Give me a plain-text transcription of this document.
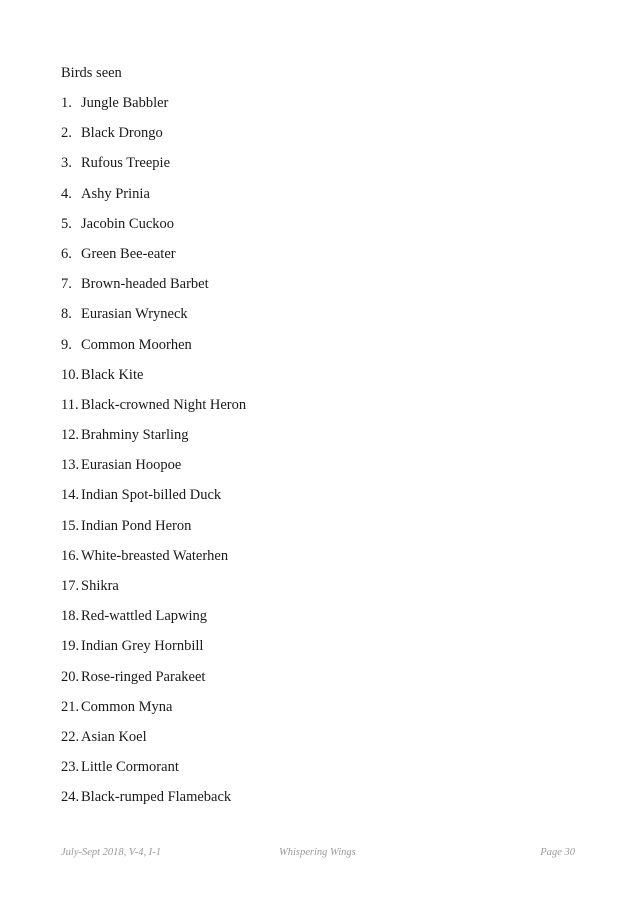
Birds seen
1. Jungle Babbler
2. Black Drongo
3. Rufous Treepie
4. Ashy Prinia
5. Jacobin Cuckoo
6. Green Bee-eater
7. Brown-headed Barbet
8. Eurasian Wryneck
9. Common Moorhen
10. Black Kite
11. Black-crowned Night Heron
12. Brahminy Starling
13. Eurasian Hoopoe
14. Indian Spot-billed Duck
15. Indian Pond Heron
16. White-breasted Waterhen
17. Shikra
18. Red-wattled Lapwing
19. Indian Grey Hornbill
20. Rose-ringed Parakeet
21. Common Myna
22. Asian Koel
23. Little Cormorant
24. Black-rumped Flameback
July-Sept 2018, V-4, I-1	Whispering Wings	Page 30
